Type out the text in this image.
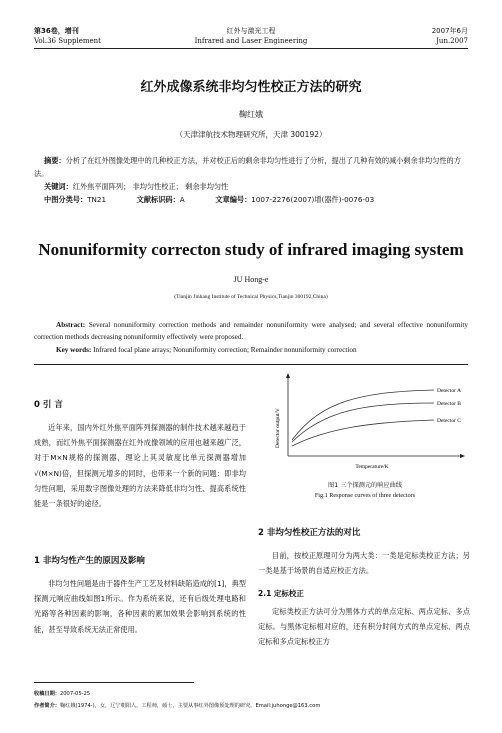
第36卷，增刊
Vol.36 Supplement
红外与激光工程
Infrared and Laser Engineering
2007年6月
Jun.2007
红外成像系统非均匀性校正方法的研究
鞠红娥
（天津津航技术物理研究所，天津 300192）
摘要：分析了在红外图像处理中的几种校正方法，并对校正后的剩余非均匀性进行了分析，提出了几种有效的减小剩余非均匀性的方法。
关键词：红外焦平面阵列； 非均匀性校正； 剩余非均匀性
中图分类号：TN21	文献标识码：A	文章编号：1007-2276(2007)增(器件)-0076-03
Nonuniformity correcton study of infrared imaging system
JU Hong-e
(Tianjin Jinhang Institute of Technical Physics,Tianjin 300192,China)
Abstract: Several nonuniformity correction methods and remainder nonuniformity were analysed; and several effective nonuniformity correction methods decreasing nonuniformity effectively were proposed.
Key words: Infrared focal plane arrays; Nonuniformity correction; Remainder nonuniformity correction
0 引 言
近年来，国内外红外焦平面阵列探测器的制作技术越来越趋于成熟，而红外焦平面探测器在红外成像领域的应用也越来越广泛，对于M×N规格的探测器，理论上其灵敏度比单元探测器增加√(M×N)倍，但探测元增多的同时，也带来一个新的问题：即非均匀性问题，采用数字图像处理的方法来降低非均匀性、提高系统性能是一条很好的途径。
1 非均匀性产生的原因及影响
非均匀性问题是由于器件生产工艺及材料缺陷造成的[1]，典型探测元响应曲线如图1所示。作为系统来说，还有后级处理电路和光路等各种因素的影响，各种因素的累加效果会影响到系统的性能，甚至导致系统无法正常使用。
Detector A
Detector B
Detector C
Detector output/V
Temperature/K
图1 三个探测元的响应曲线
Fig.1 Response curves of three detectors
2 非均匀性校正方法的对比
目前，按校正原理可分为两大类：一类是定标类校正方法；另一类是基于场景的自适应校正方法。
2.1 定标校正
定标类校正方法可分为黑体方式的单点定标、两点定标、多点定标。与黑体定标相对应的，还有积分时间方式的单点定标、两点定标和多点定标校正方
收稿日期：2007-05-25
作者简介：鞠红娥(1974-)，女，辽宁朝阳人，工程师，硕士，主要从事红外图像预处理的研究。Email:juhonge@163.com
